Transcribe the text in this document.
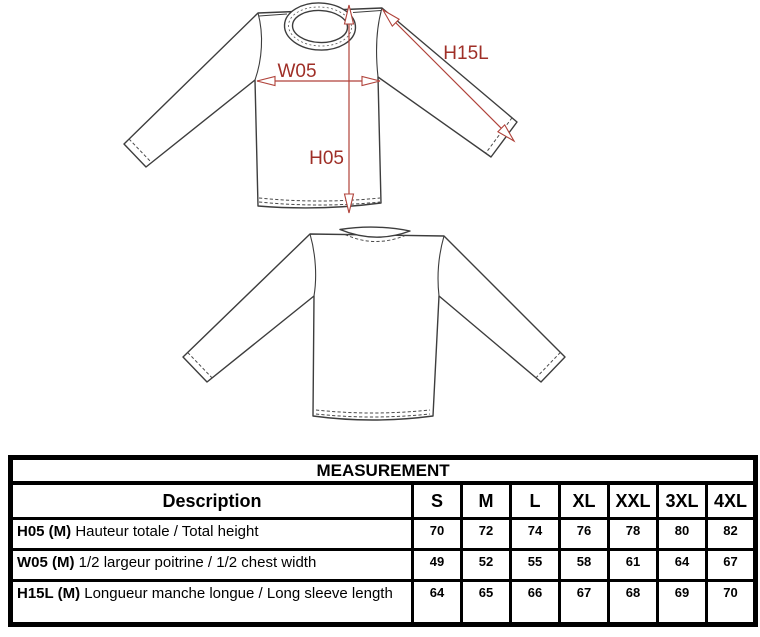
W05
H05
H15L
MEASUREMENT							
Description	S	M	L	XL	XXL	3XL	4XL
H05 (M) Hauteur totale / Total height	70	72	74	76	78	80	82
W05 (M) 1/2 largeur poitrine / 1/2 chest width	49	52	55	58	61	64	67
H15L (M) Longueur manche longue / Long sleeve length	64	65	66	67	68	69	70
